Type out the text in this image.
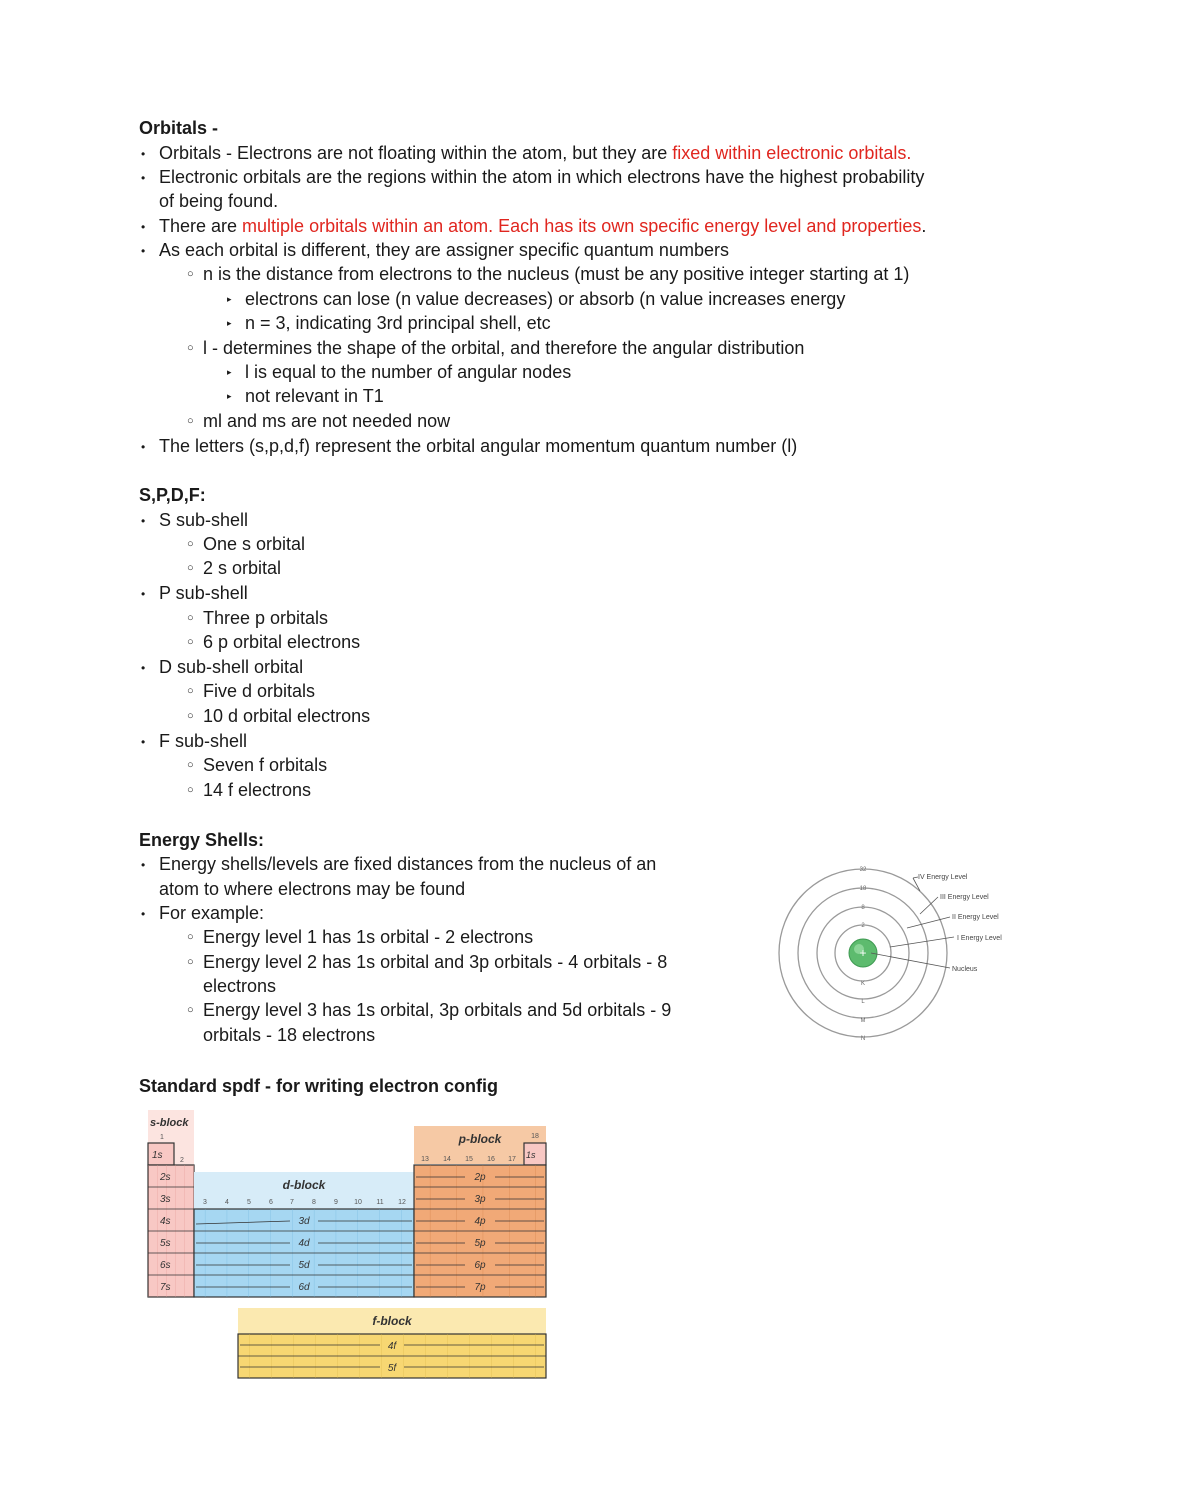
Orbitals -
• Orbitals - Electrons are not floating within the atom, but they are fixed within electronic orbitals.
• Electronic orbitals are the regions within the atom in which electrons have the highest probability
of being found.
• There are multiple orbitals within an atom. Each has its own specific energy level and properties.
• As each orbital is different, they are assigner specific quantum numbers
○ n is the distance from electrons to the nucleus (must be any positive integer starting at 1)
▸ electrons can lose (n value decreases) or absorb (n value increases energy
▸ n = 3, indicating 3rd principal shell, etc
○ l - determines the shape of the orbital, and therefore the angular distribution
▸ l is equal to the number of angular nodes
▸ not relevant in T1
○ ml and ms are not needed now
• The letters (s,p,d,f) represent the orbital angular momentum quantum number (l)
S,P,D,F:
• S sub-shell
○ One s orbital
○ 2 s orbital
• P sub-shell
○ Three p orbitals
○ 6 p orbital electrons
• D sub-shell orbital
○ Five d orbitals
○ 10 d orbital electrons
• F sub-shell
○ Seven f orbitals
○ 14 f electrons
Energy Shells:
• Energy shells/levels are fixed distances from the nucleus of an
atom to where electrons may be found
• For example:
○ Energy level 1 has 1s orbital - 2 electrons
○ Energy level 2 has 1s orbital and 3p orbitals - 4 orbitals - 8
electrons
○ Energy level 3 has 1s orbital, 3p orbitals and 5d orbitals - 9
orbitals - 18 electrons
+
32
18
8
2
K
L
M
N
IV Energy Level
III Energy Level
II Energy Level
I Energy Level
Nucleus
Standard spdf - for writing electron config
s-block
1
2
1s
2s
3s
4s
5s
6s
7s
d-block
3	4	5	6 7	8	9 10 11 12
3d
4d
5d
6d
p-block	18
13 14 15 16 17 1s
2p
3p
4p
5p
6p
7p
f-block
4f
5f
